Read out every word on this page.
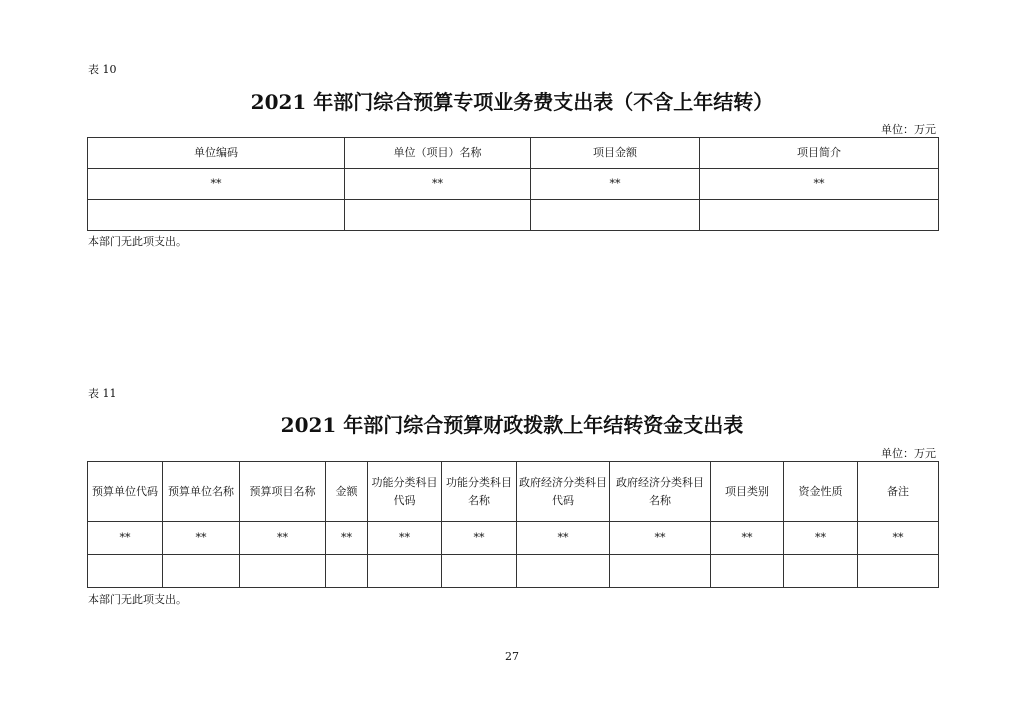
表 10
2021 年部门综合预算专项业务费支出表（不含上年结转）
单位：万元
单位编码	单位（项目）名称	项目金额	项目简介
**	**	**	**

本部门无此项支出。
表 11
2021 年部门综合预算财政拨款上年结转资金支出表
单位：万元
预算单位代码	预算单位名称	预算项目名称	金额	功能分类科目代码	功能分类科目名称	政府经济分类科目代码	政府经济分类科目名称	项目类别	资金性质	备注
**	**	**	**	**	**	**	**	**	**	**

本部门无此项支出。
27
